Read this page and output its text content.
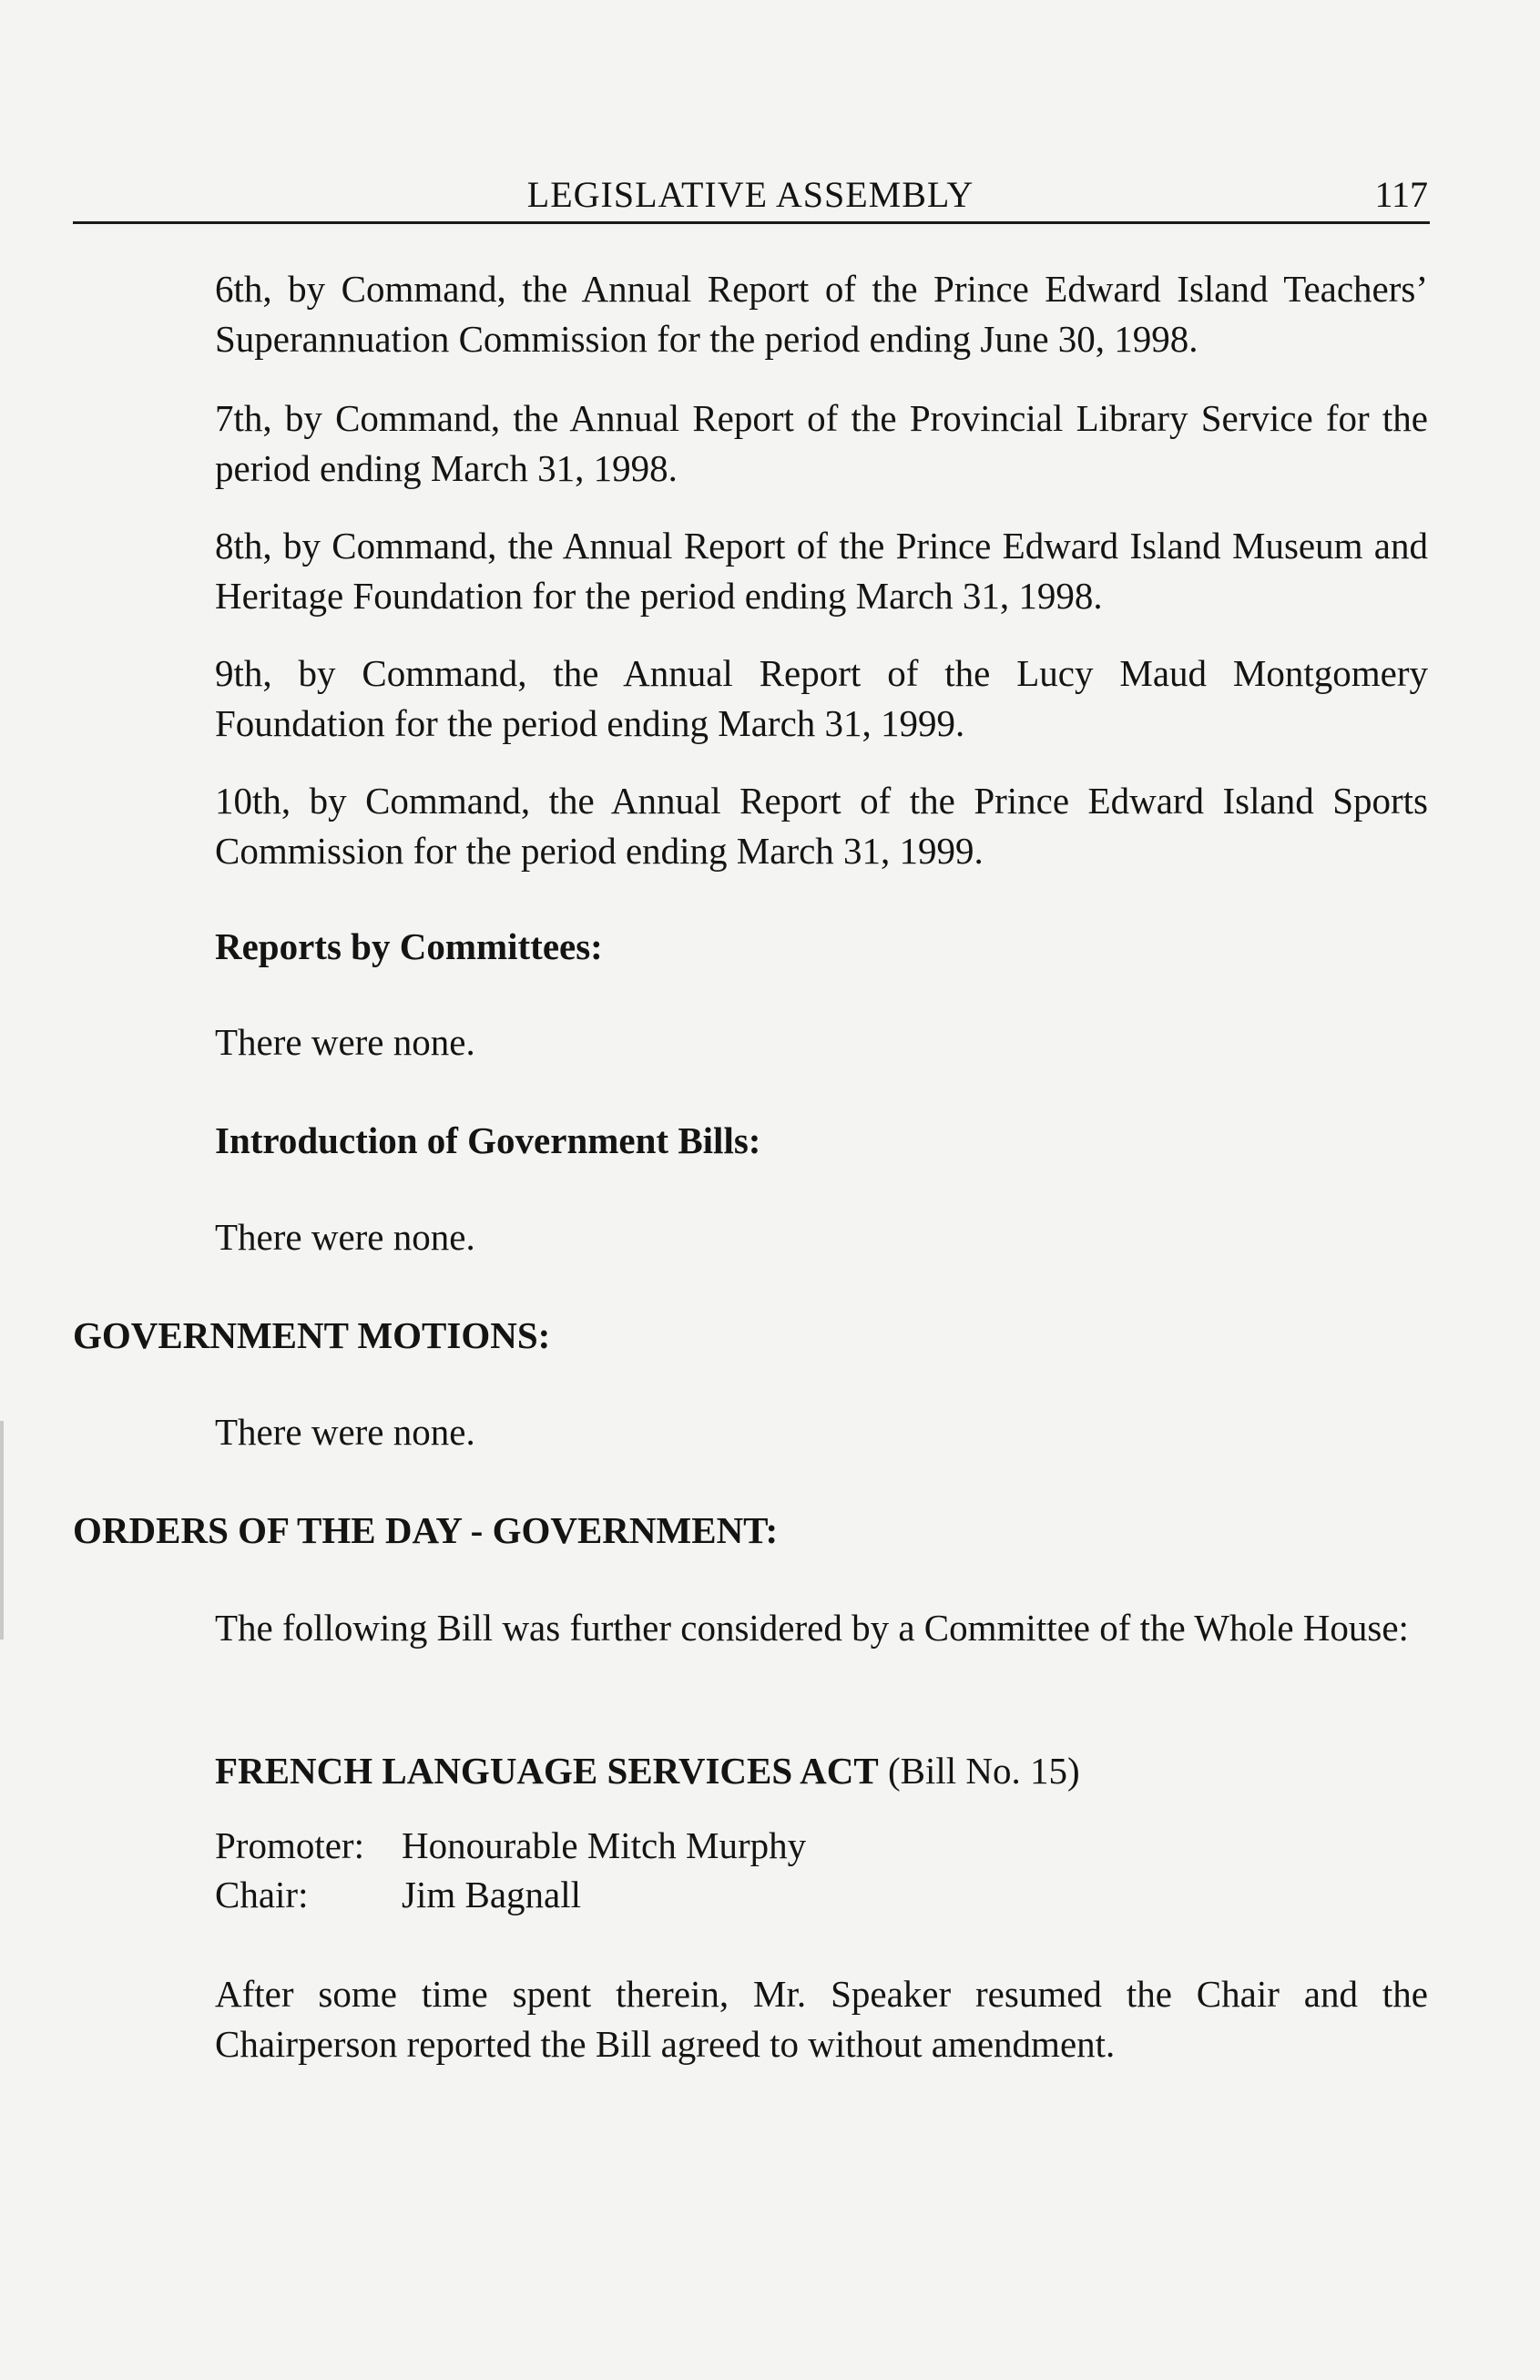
LEGISLATIVE ASSEMBLY	117

6th, by Command, the Annual Report of the Prince Edward Island Teachers’ Superannuation Commission for the period ending June 30, 1998.

7th, by Command, the Annual Report of the Provincial Library Service for the period ending March 31, 1998.

8th, by Command, the Annual Report of the Prince Edward Island Museum and Heritage Foundation for the period ending March 31, 1998.

9th, by Command, the Annual Report of the Lucy Maud Montgomery Foundation for the period ending March 31, 1999.

10th, by Command, the Annual Report of the Prince Edward Island Sports Commission for the period ending March 31, 1999.

Reports by Committees:

There were none.

Introduction of Government Bills:

There were none.

GOVERNMENT MOTIONS:

There were none.

ORDERS OF THE DAY - GOVERNMENT:

The following Bill was further considered by a Committee of the Whole House:

FRENCH LANGUAGE SERVICES ACT (Bill No. 15)

Promoter:	Honourable Mitch Murphy
Chair:	Jim Bagnall

After some time spent therein, Mr. Speaker resumed the Chair and the Chairperson reported the Bill agreed to without amendment.
